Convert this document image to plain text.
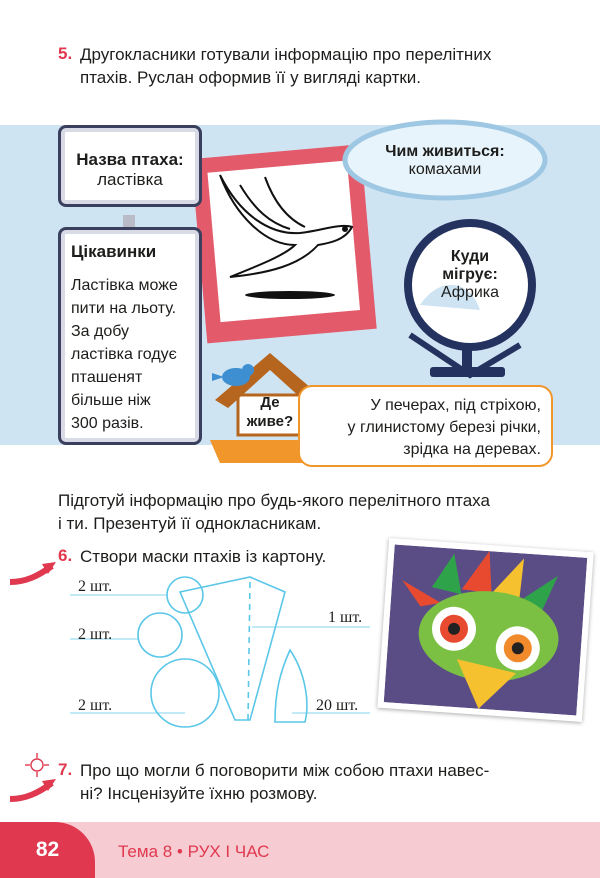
5. Другокласники готували інформацію про перелітних
птахів. Руслан оформив її у вигляді картки.
Назва птаха:
ластівка
Цікавинки
Ластівка може
пити на льоту.
За добу
ластівка годує
пташенят
більше ніж
300 разів.
Чим живиться:
комахами
Куди
мігрує:
Африка
Де
живе?
У печерах, під стріхою,
у глинистому березі річки,
зрідка на деревах.
Підготуй інформацію про будь-якого перелітного птаха
і ти. Презентуй її однокласникам.
6. Створи маски птахів із картону.
2 шт.
2 шт.
2 шт.
1 шт.
20 шт.
7. Про що могли б поговорити між собою птахи навес-
ні? Інсценізуйте їхню розмову.
82	Тема 8 • РУХ І ЧАС
